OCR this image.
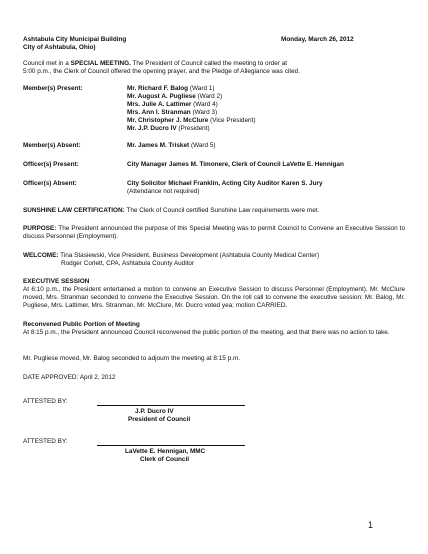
Ashtabula City Municipal Building
City of Ashtabula, Ohio)
Monday, March 26, 2012
Council met in a SPECIAL MEETING. The President of Council called the meeting to order at
5:00 p.m., the Clerk of Council offered the opening prayer, and the Pledge of Allegiance was cited.
Member(s) Present:	Mr. Richard F. Balog (Ward 1)
Mr. August A. Pugliese (Ward 2)
Mrs. Julie A. Lattimer (Ward 4)
Mrs. Ann I. Stranman (Ward 3)
Mr. Christopher J. McClure (Vice President)
Mr. J.P. Ducro IV (President)
Member(s) Absent:	Mr. James M. Trisket (Ward 5)
Officer(s) Present:	City Manager James M. Timonere, Clerk of Council LaVette E. Hennigan
Officer(s) Absent:	City Solicitor Michael Franklin, Acting City Auditor Karen S. Jury
(Attendance not required)
SUNSHINE LAW CERTIFICATION: The Clerk of Council certified Sunshine Law requirements were met.
PURPOSE: The President announced the purpose of this Special Meeting was to permit Council to Convene an Executive Session to discuss Personnel (Employment).
WELCOME: Tina Stasiewski, Vice President, Business Development (Ashtabula County Medical Center)
Rodger Corlett, CPA, Ashtabula County Auditor
EXECUTIVE SESSION
At 6:10 p.m., the President entertained a motion to convene an Executive Session to discuss Personnel (Employment). Mr. McClure moved, Mrs. Stranman seconded to convene the Executive Session. On the roll call to convene the executive session: Mr. Balog, Mr. Pugliese, Mrs. Lattimer, Mrs. Stranman, Mr. McClure, Mr. Ducro voted yea; motion CARRIED.
Reconvened Public Portion of Meeting
At 8:15 p.m., the President announced Council reconvened the public portion of the meeting, and that there was no action to take.
Mr. Pugliese moved, Mr. Balog seconded to adjourn the meeting at 8:15 p.m.
DATE APPROVED: April 2, 2012
ATTESTED BY:
J.P. Ducro IV
President of Council
ATTESTED BY:
LaVette E. Hennigan, MMC
Clerk of Council
1
